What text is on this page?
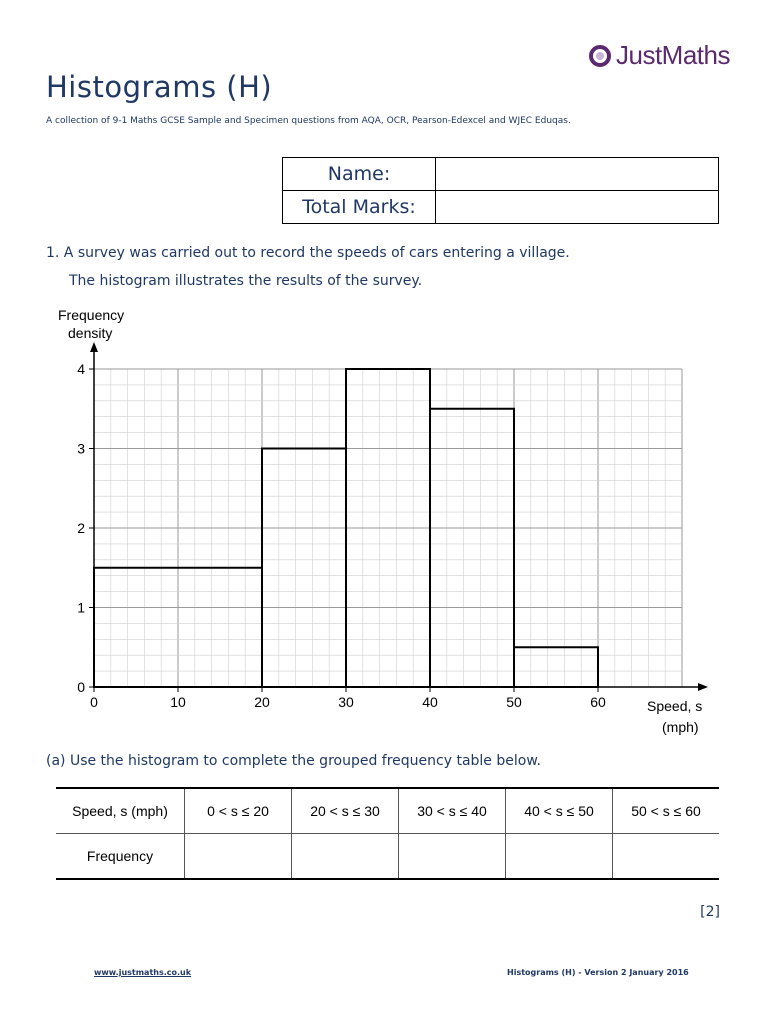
JustMaths
Histograms (H)
A collection of 9-1 Maths GCSE Sample and Specimen questions from AQA, OCR, Pearson-Edexcel and WJEC Eduqas.
Name:	
Total Marks:	
1. A survey was carried out to record the speeds of cars entering a village.
The histogram illustrates the results of the survey.
0	10	20	30	40	50	60
0
1
2
3
4
Frequency
density
Speed, s
(mph)
(a) Use the histogram to complete the grouped frequency table below.
Speed, s (mph)	0 < s ≤ 20	20 < s ≤ 30	30 < s ≤ 40	40 < s ≤ 50	50 < s ≤ 60
Frequency					
[2]
www.justmaths.co.uk	Histograms (H) - Version 2 January 2016
